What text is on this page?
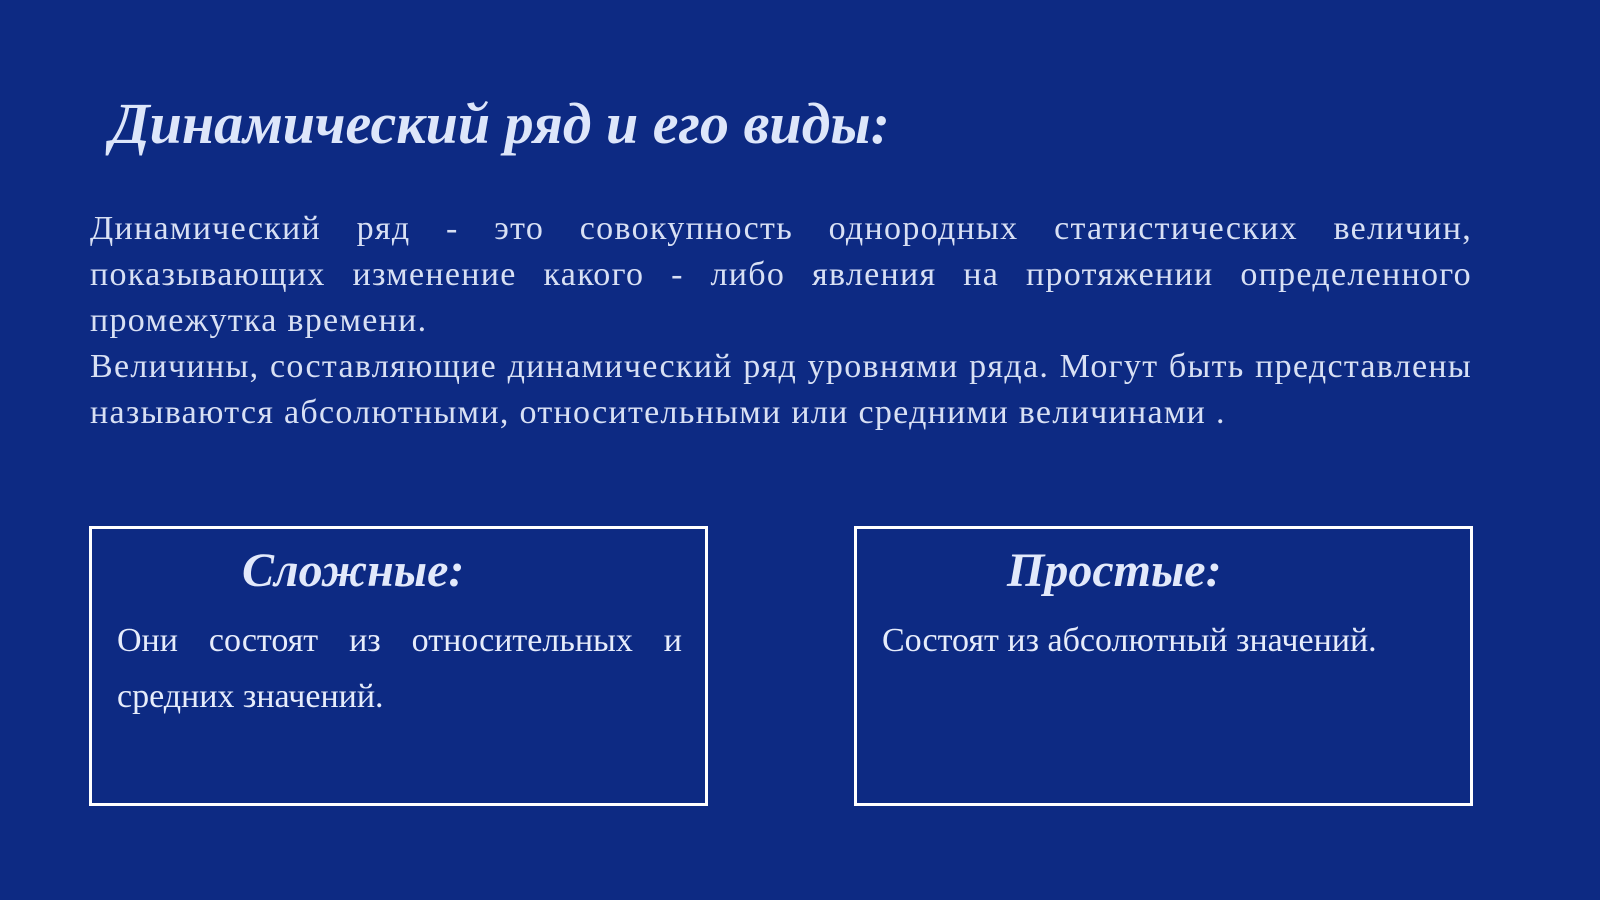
Динамический ряд и его виды:

Динамический ряд - это совокупность однородных статистических величин, показывающих изменение какого - либо явления на протяжении определенного промежутка времени.

Величины, составляющие динамический ряд уровнями ряда. Могут быть представлены называются абсолютными, относительными или средними величинами .

Сложные:

Они состоят из относительных и средних значений.

Простые:

Состоят из абсолютный значений.
